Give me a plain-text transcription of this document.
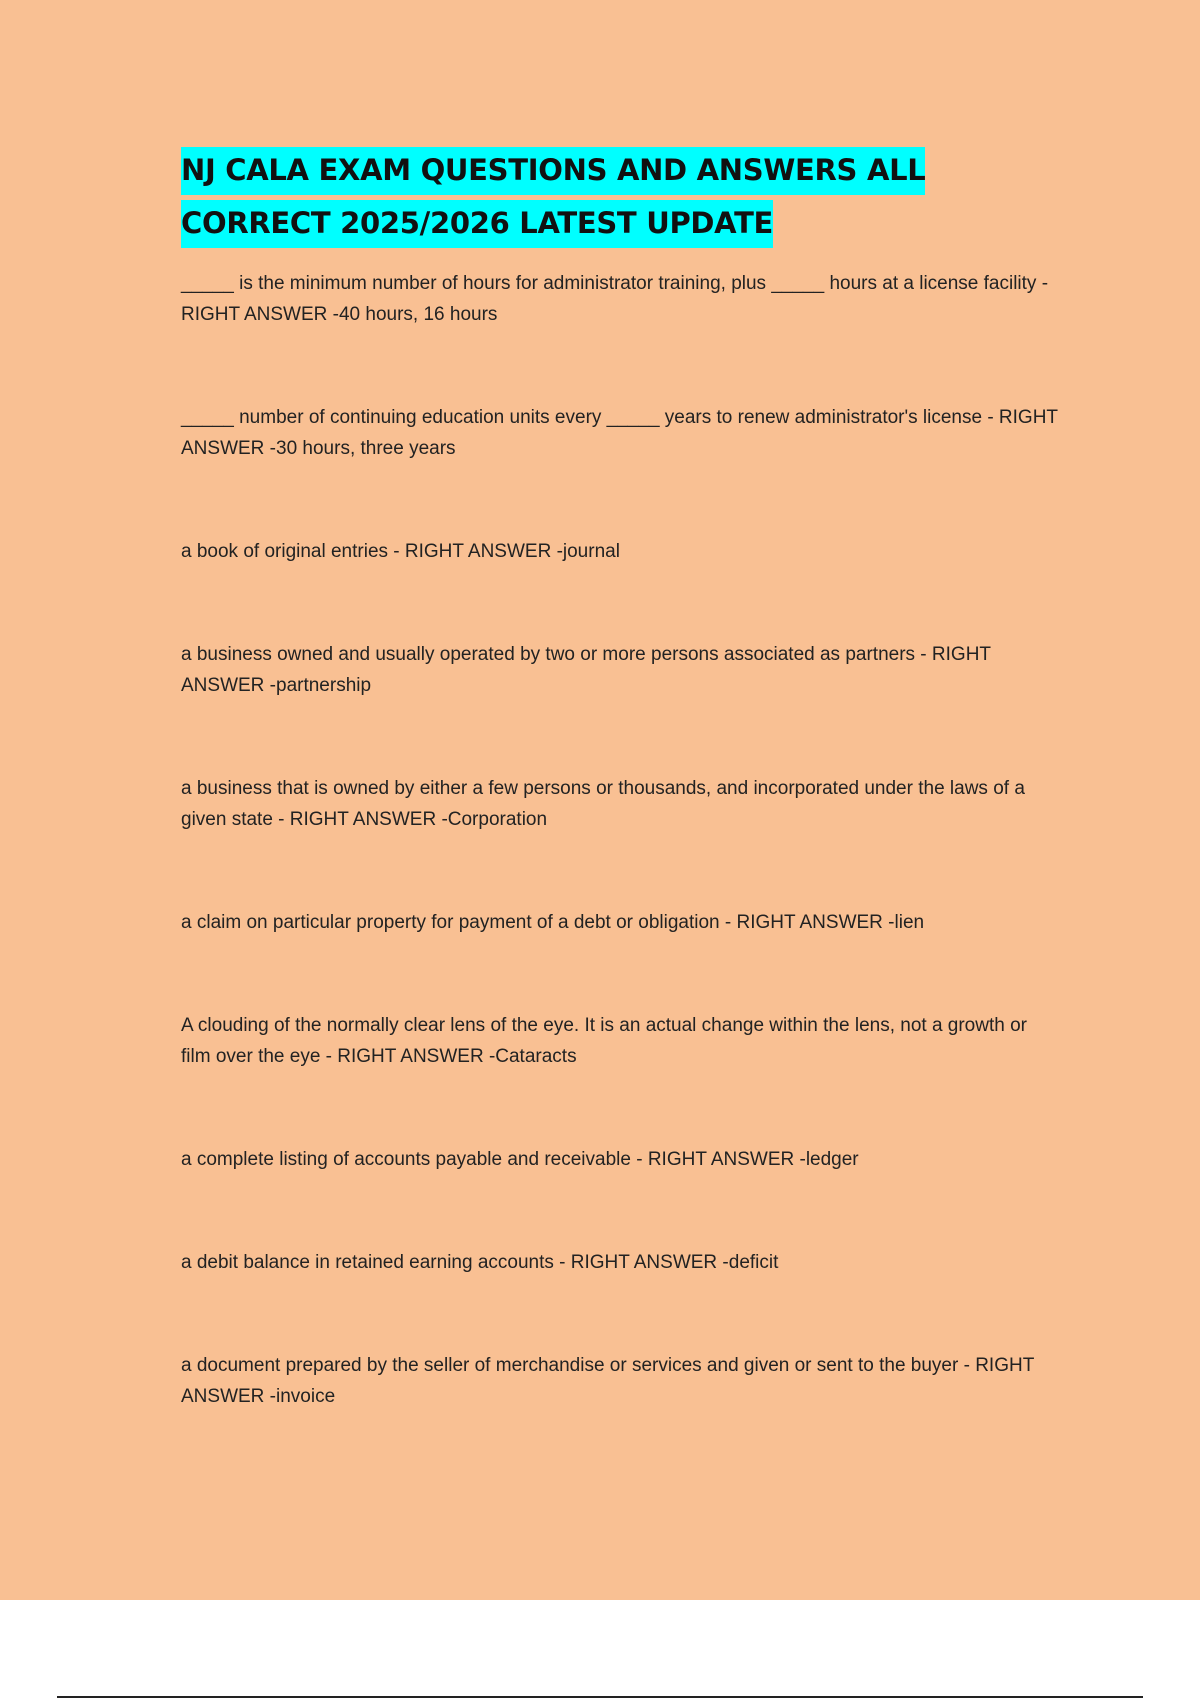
NJ CALA EXAM QUESTIONS AND ANSWERS ALL
CORRECT 2025/2026 LATEST UPDATE
_____ is the minimum number of hours for administrator training, plus _____ hours at a license facility - RIGHT ANSWER -40 hours, 16 hours
_____ number of continuing education units every _____ years to renew administrator's license - RIGHT ANSWER -30 hours, three years
a book of original entries - RIGHT ANSWER -journal
a business owned and usually operated by two or more persons associated as partners - RIGHT ANSWER -partnership
a business that is owned by either a few persons or thousands, and incorporated under the laws of a given state - RIGHT ANSWER -Corporation
a claim on particular property for payment of a debt or obligation - RIGHT ANSWER -lien
A clouding of the normally clear lens of the eye. It is an actual change within the lens, not a growth or film over the eye - RIGHT ANSWER -Cataracts
a complete listing of accounts payable and receivable - RIGHT ANSWER -ledger
a debit balance in retained earning accounts - RIGHT ANSWER -deficit
a document prepared by the seller of merchandise or services and given or sent to the buyer - RIGHT ANSWER -invoice
